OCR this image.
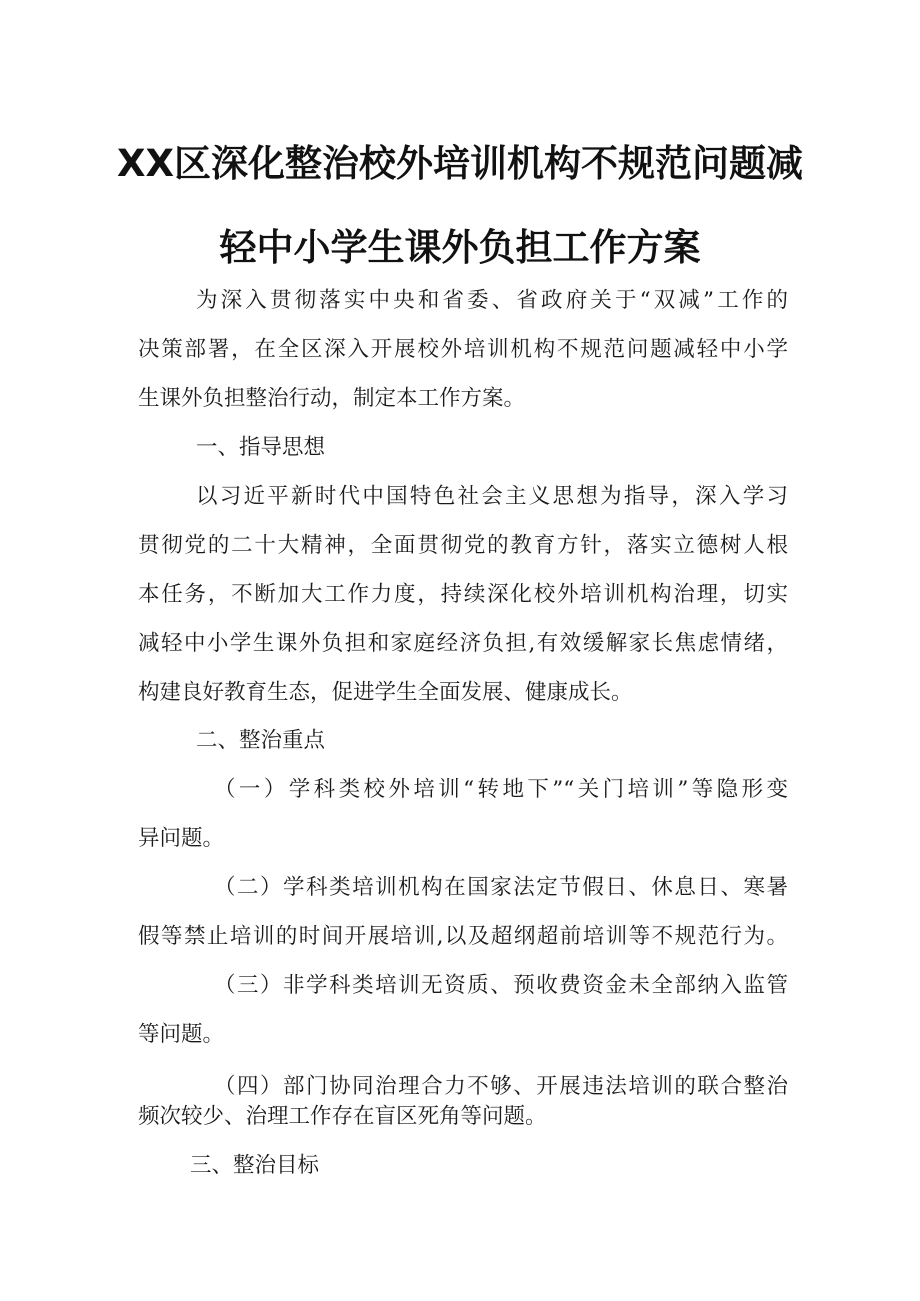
XX区深化整治校外培训机构不规范问题减
轻中小学生课外负担工作方案
为深入贯彻落实中央和省委、省政府关于“双减”工作的
决策部署，在全区深入开展校外培训机构不规范问题减轻中小学
生课外负担整治行动，制定本工作方案。
一、指导思想
以习近平新时代中国特色社会主义思想为指导，深入学习
贯彻党的二十大精神，全面贯彻党的教育方针，落实立德树人根
本任务，不断加大工作力度，持续深化校外培训机构治理，切实
减轻中小学生课外负担和家庭经济负担,有效缓解家长焦虑情绪，
构建良好教育生态，促进学生全面发展、健康成长。
二、整治重点
（一）学科类校外培训“转地下”“关门培训”等隐形变
异问题。
（二）学科类培训机构在国家法定节假日、休息日、寒暑
假等禁止培训的时间开展培训,以及超纲超前培训等不规范行为。
（三）非学科类培训无资质、预收费资金未全部纳入监管
等问题。
（四）部门协同治理合力不够、开展违法培训的联合整治
频次较少、治理工作存在盲区死角等问题。
三、整治目标
